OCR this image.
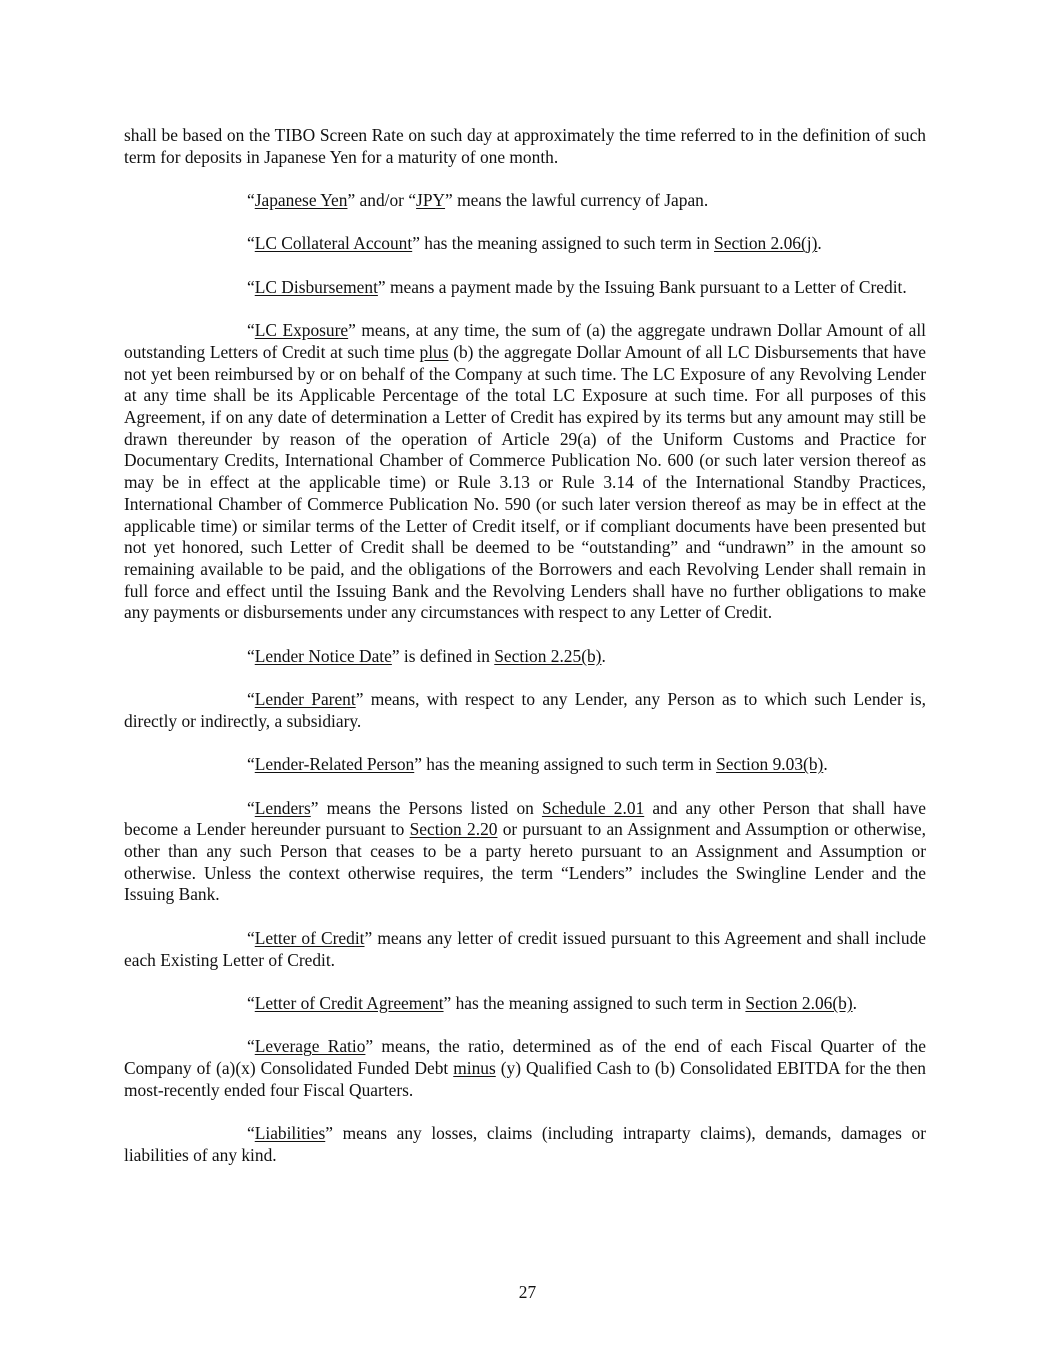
shall be based on the TIBO Screen Rate on such day at approximately the time referred to in the definition of such term for deposits in Japanese Yen for a maturity of one month.

“Japanese Yen” and/or “JPY” means the lawful currency of Japan.

“LC Collateral Account” has the meaning assigned to such term in Section 2.06(j).

“LC Disbursement” means a payment made by the Issuing Bank pursuant to a Letter of Credit.

“LC Exposure” means, at any time, the sum of (a) the aggregate undrawn Dollar Amount of all outstanding Letters of Credit at such time plus (b) the aggregate Dollar Amount of all LC Disbursements that have not yet been reimbursed by or on behalf of the Company at such time. The LC Exposure of any Revolving Lender at any time shall be its Applicable Percentage of the total LC Exposure at such time. For all purposes of this Agreement, if on any date of determination a Letter of Credit has expired by its terms but any amount may still be drawn thereunder by reason of the operation of Article 29(a) of the Uniform Customs and Practice for Documentary Credits, International Chamber of Commerce Publication No. 600 (or such later version thereof as may be in effect at the applicable time) or Rule 3.13 or Rule 3.14 of the International Standby Practices, International Chamber of Commerce Publication No. 590 (or such later version thereof as may be in effect at the applicable time) or similar terms of the Letter of Credit itself, or if compliant documents have been presented but not yet honored, such Letter of Credit shall be deemed to be “outstanding” and “undrawn” in the amount so remaining available to be paid, and the obligations of the Borrowers and each Revolving Lender shall remain in full force and effect until the Issuing Bank and the Revolving Lenders shall have no further obligations to make any payments or disbursements under any circumstances with respect to any Letter of Credit.

“Lender Notice Date” is defined in Section 2.25(b).

“Lender Parent” means, with respect to any Lender, any Person as to which such Lender is, directly or indirectly, a subsidiary.

“Lender-Related Person” has the meaning assigned to such term in Section 9.03(b).

“Lenders” means the Persons listed on Schedule 2.01 and any other Person that shall have become a Lender hereunder pursuant to Section 2.20 or pursuant to an Assignment and Assumption or otherwise, other than any such Person that ceases to be a party hereto pursuant to an Assignment and Assumption or otherwise. Unless the context otherwise requires, the term “Lenders” includes the Swingline Lender and the Issuing Bank.

“Letter of Credit” means any letter of credit issued pursuant to this Agreement and shall include each Existing Letter of Credit.

“Letter of Credit Agreement” has the meaning assigned to such term in Section 2.06(b).

“Leverage Ratio” means, the ratio, determined as of the end of each Fiscal Quarter of the Company of (a)(x) Consolidated Funded Debt minus (y) Qualified Cash to (b) Consolidated EBITDA for the then most-recently ended four Fiscal Quarters.

“Liabilities” means any losses, claims (including intraparty claims), demands, damages or liabilities of any kind.

27
